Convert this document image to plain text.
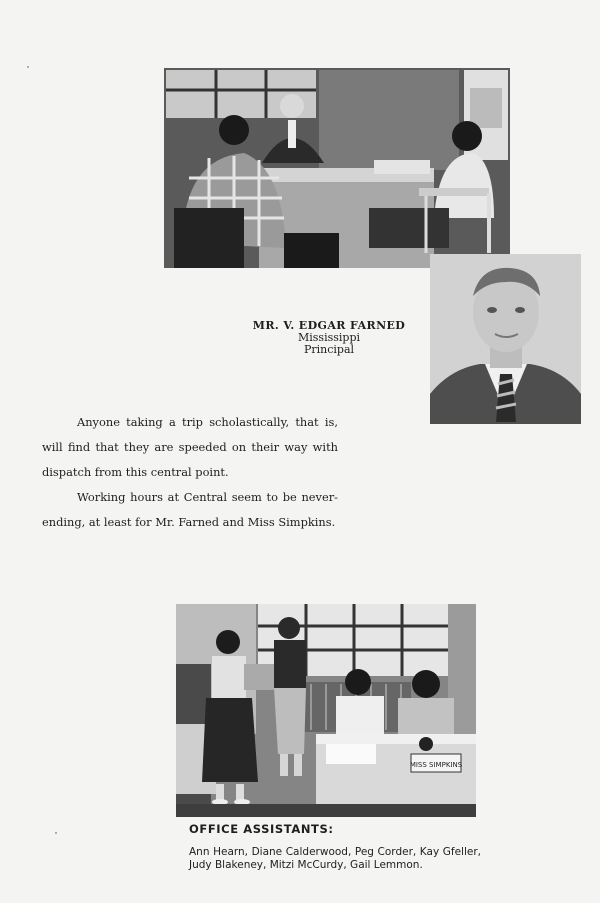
MR. V. EDGAR FARNED
Mississippi
Principal

Anyone taking a trip scholastically, that is, will find that they are speeded on their way with dispatch from this central point.

Working hours at Central seem to be never-ending, at least for Mr. Farned and Miss Simpkins.

MISS SIMPKINS
OFFICE ASSISTANTS:
Ann Hearn, Diane Calderwood, Peg Corder, Kay Gfeller, Judy Blakeney, Mitzi McCurdy, Gail Lemmon.
